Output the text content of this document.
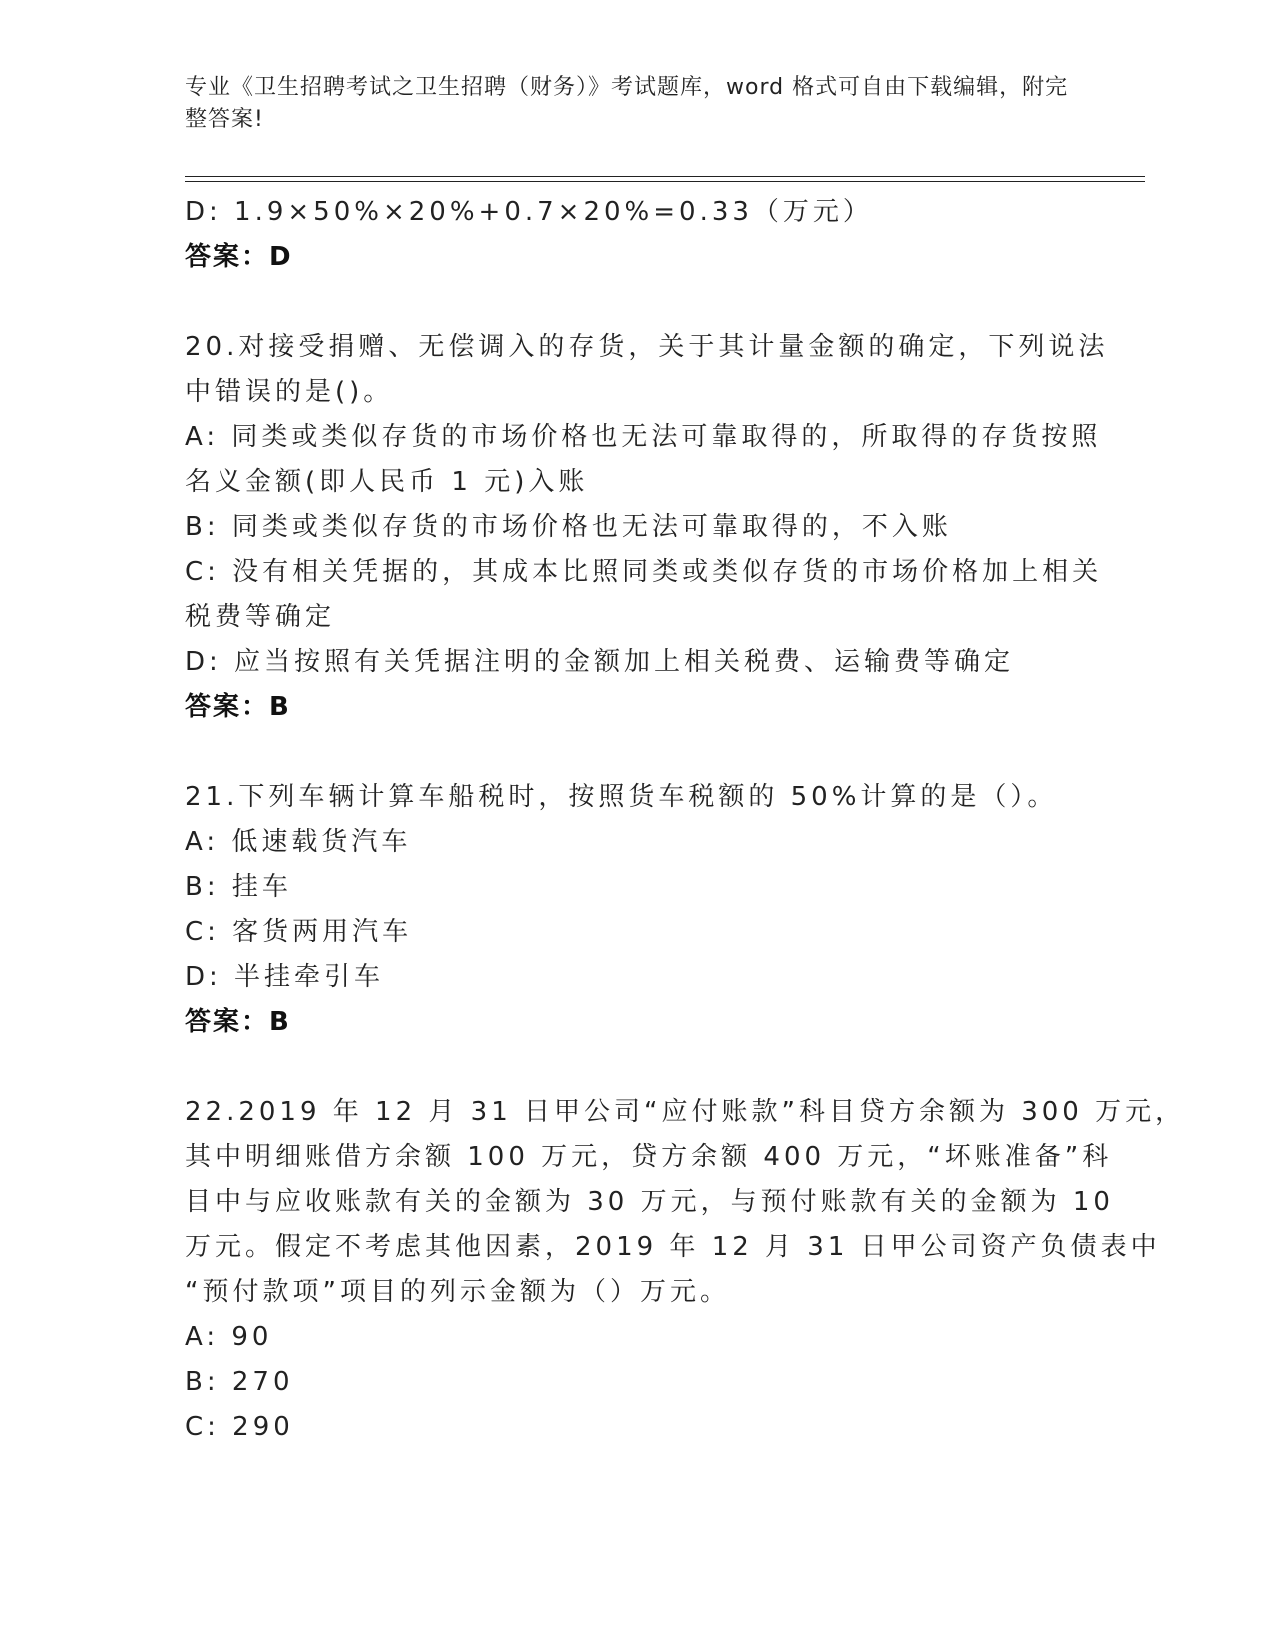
专业《卫生招聘考试之卫生招聘（财务）》考试题库，word 格式可自由下载编辑，附完整答案!
D: 1.9×50%×20%+0.7×20%=0.33（万元）
答案：D
20.对接受捐赠、无偿调入的存货，关于其计量金额的确定，下列说法
中错误的是()。
A: 同类或类似存货的市场价格也无法可靠取得的，所取得的存货按照
名义金额(即人民币 1 元)入账
B: 同类或类似存货的市场价格也无法可靠取得的，不入账
C: 没有相关凭据的，其成本比照同类或类似存货的市场价格加上相关
税费等确定
D: 应当按照有关凭据注明的金额加上相关税费、运输费等确定
答案：B
21.下列车辆计算车船税时，按照货车税额的 50%计算的是（）。
A: 低速载货汽车
B: 挂车
C: 客货两用汽车
D: 半挂牵引车
答案：B
22.2019 年 12 月 31 日甲公司“应付账款”科目贷方余额为 300 万元，
其中明细账借方余额 100 万元，贷方余额 400 万元，“坏账准备”科
目中与应收账款有关的金额为 30 万元，与预付账款有关的金额为 10
万元。假定不考虑其他因素，2019 年 12 月 31 日甲公司资产负债表中
“预付款项”项目的列示金额为（）万元。
A: 90
B: 270
C: 290
